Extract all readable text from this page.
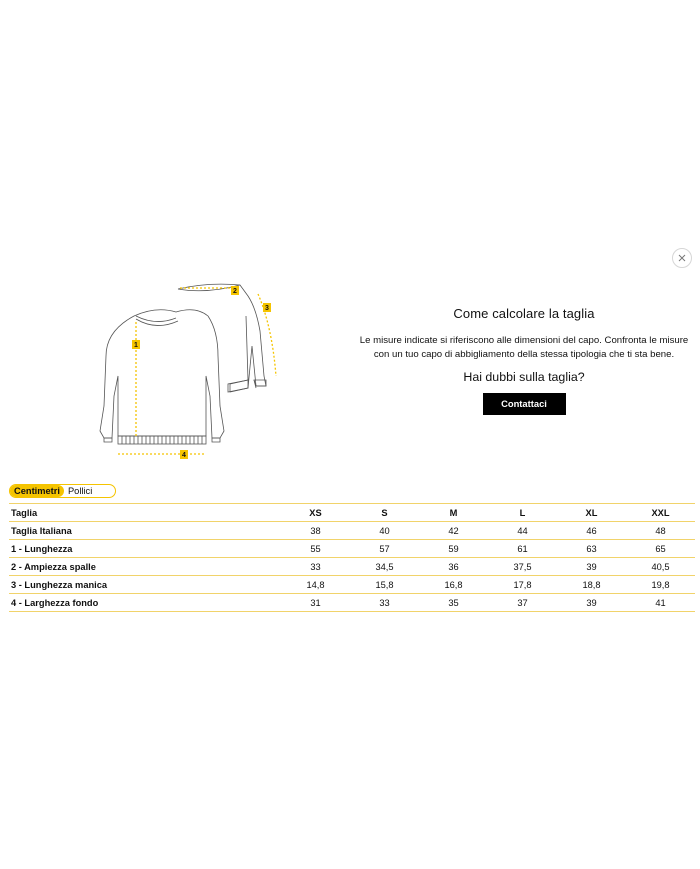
1
2
3
4
Come calcolare la taglia

Le misure indicate si riferiscono alle dimensioni del capo. Confronta le misure con un tuo capo di abbigliamento della stessa tipologia che ti sta bene.

Hai dubbi sulla taglia?
Contattaci
Centimetri Pollici
Taglia	XS	S	M	L	XL	XXL
Taglia Italiana	38	40	42	44	46	48
1 - Lunghezza	55	57	59	61	63	65
2 - Ampiezza spalle	33	34,5	36	37,5	39	40,5
3 - Lunghezza manica	14,8	15,8	16,8	17,8	18,8	19,8
4 - Larghezza fondo	31	33	35	37	39	41
